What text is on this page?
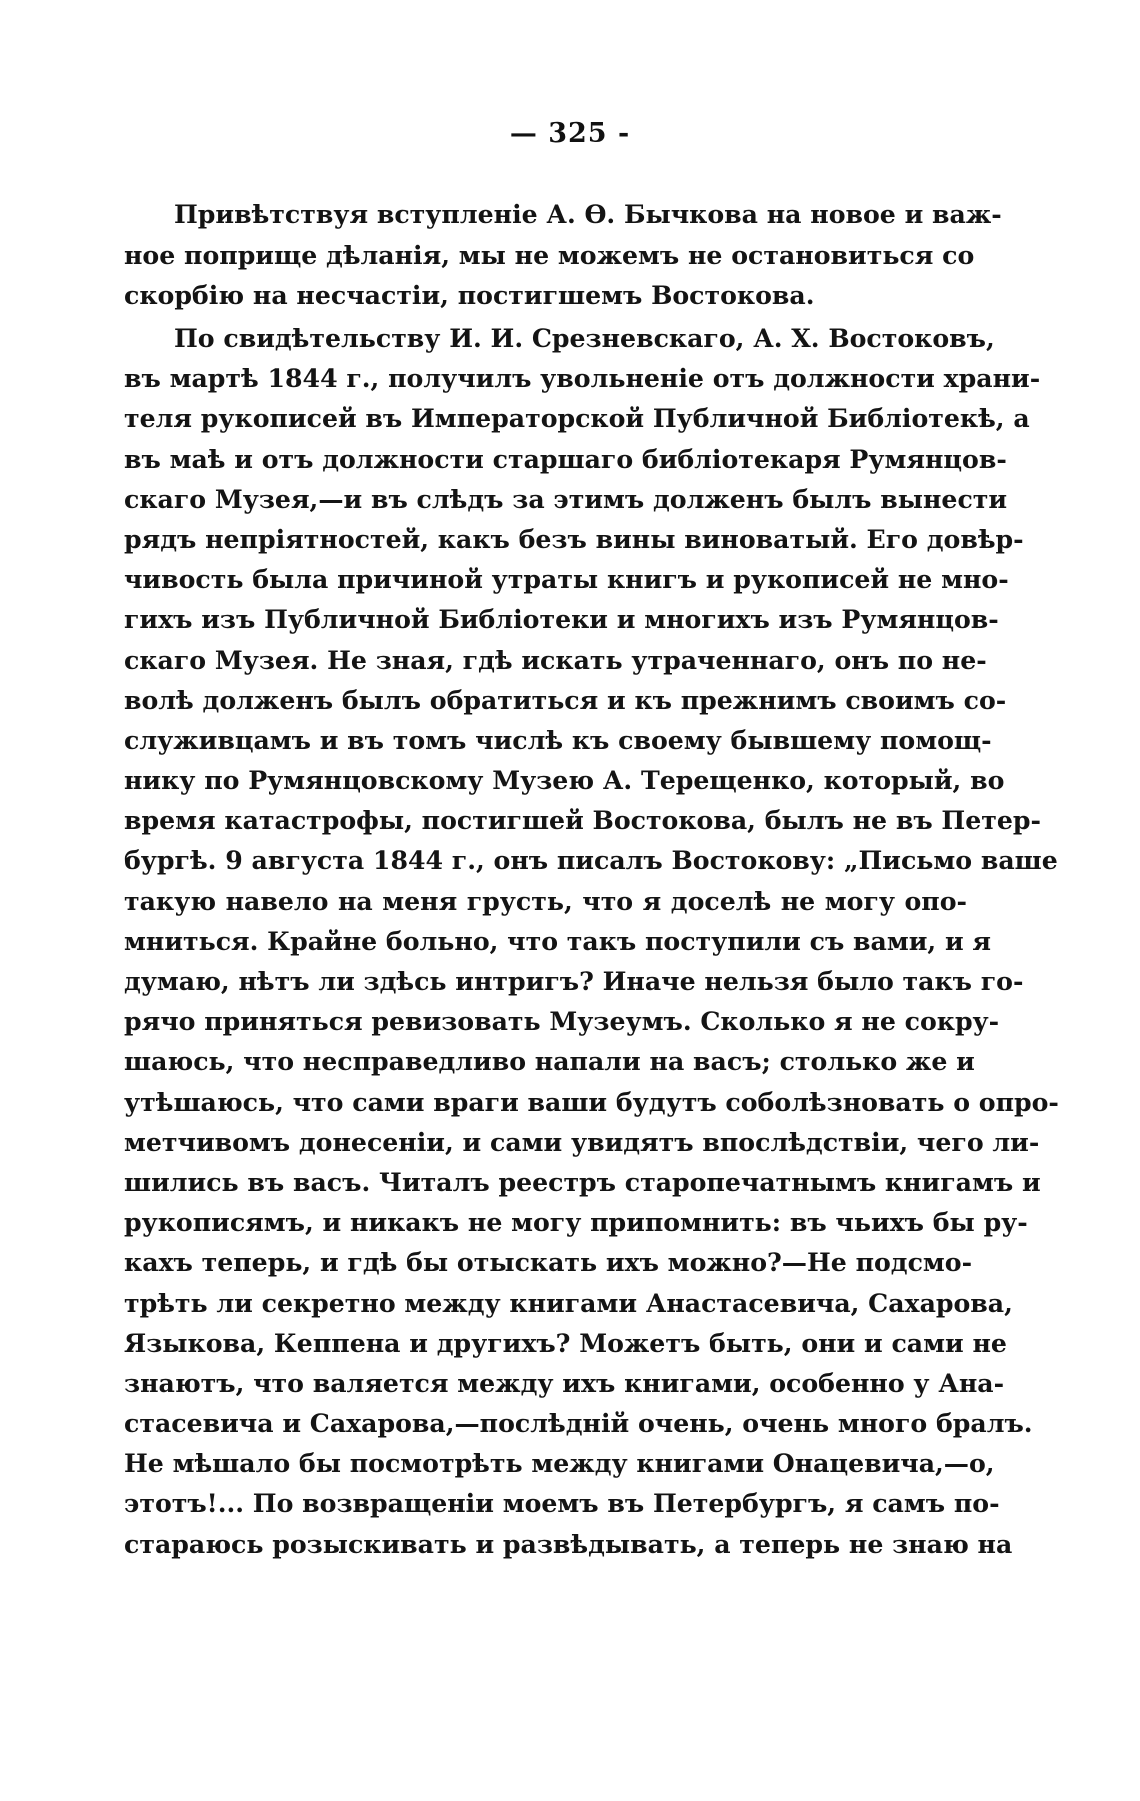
— 325 -
Привѣтствуя вступленіе А. Ѳ. Бычкова на новое и важ-
ное поприще дѣланія, мы не можемъ не остановиться со
скорбію на несчастіи, постигшемъ Востокова.
По свидѣтельству И. И. Срезневскаго, А. Х. Востоковъ,
въ мартѣ 1844 г., получилъ увольненіе отъ должности храни-
теля рукописей въ Императорской Публичной Библіотекѣ, а
въ маѣ и отъ должности старшаго библіотекаря Румянцов-
скаго Музея,—и въ слѣдъ за этимъ долженъ былъ вынести
рядъ непріятностей, какъ безъ вины виноватый. Его довѣр-
чивость была причиной утраты книгъ и рукописей не мно-
гихъ изъ Публичной Библіотеки и многихъ изъ Румянцов-
скаго Музея. Не зная, гдѣ искать утраченнаго, онъ по не-
волѣ долженъ былъ обратиться и къ прежнимъ своимъ со-
служивцамъ и въ томъ числѣ къ своему бывшему помощ-
нику по Румянцовскому Музею А. Терещенко, который, во
время катастрофы, постигшей Востокова, былъ не въ Петер-
бургѣ. 9 августа 1844 г., онъ писалъ Востокову: „Письмо ваше
такую навело на меня грусть, что я доселѣ не могу опо-
мниться. Крайне больно, что такъ поступили съ вами, и я
думаю, нѣтъ ли здѣсь интригъ? Иначе нельзя было такъ го-
рячо приняться ревизовать Музеумъ. Сколько я не сокру-
шаюсь, что несправедливо напали на васъ; столько же и
утѣшаюсь, что сами враги ваши будутъ соболѣзновать о опро-
метчивомъ донесеніи, и сами увидятъ впослѣдствіи, чего ли-
шились въ васъ. Читалъ реестръ старопечатнымъ книгамъ и
рукописямъ, и никакъ не могу припомнить: въ чьихъ бы ру-
кахъ теперь, и гдѣ бы отыскать ихъ можно?—Не подсмо-
трѣть ли секретно между книгами Анастасевича, Сахарова,
Языкова, Кеппена и другихъ? Можетъ быть, они и сами не
знаютъ, что валяется между ихъ книгами, особенно у Ана-
стасевича и Сахарова,—послѣдній очень, очень много бралъ.
Не мѣшало бы посмотрѣть между книгами Онацевича,—о,
этотъ!... По возвращеніи моемъ въ Петербургъ, я самъ по-
стараюсь розыскивать и развѣдывать, а теперь не знаю на
